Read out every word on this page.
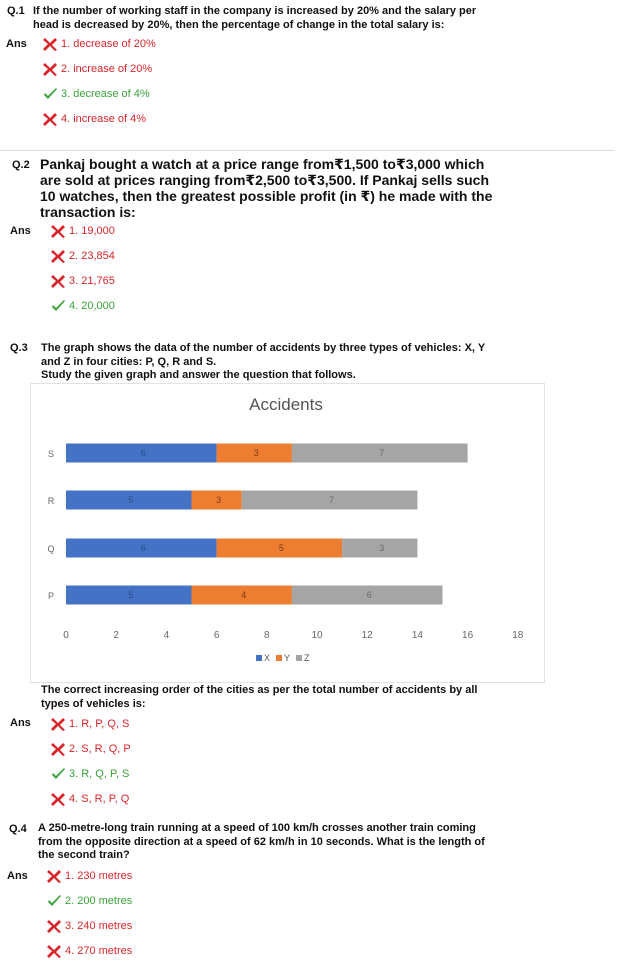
Q.1 If the number of working staff in the company is increased by 20% and the salary per
head is decreased by 20%, then the percentage of change in the total salary is:
Ans	1. decrease of 20%
2. increase of 20%
3. decrease of 4%
4. increase of 4%
Q.2 Pankaj bought a watch at a price range from₹1,500 to₹3,000 which
are sold at prices ranging from₹2,500 to₹3,500. If Pankaj sells such
10 watches, then the greatest possible profit (in ₹) he made with the
transaction is:
Ans	1. 19,000
2. 23,854
3. 21,765
4. 20,000
Q.3 The graph shows the data of the number of accidents by three types of vehicles: X, Y
and Z in four cities: P, Q, R and S.
Study the given graph and answer the question that follows.
Accidents
S	6	3	7
R	5	3	7
Q	6	5	3
P	5	4	6
0	2	4	6	8	10	12	14	16	18
X Y Z
The correct increasing order of the cities as per the total number of accidents by all
types of vehicles is:
Ans	1. R, P, Q, S
2. S, R, Q, P
3. R, Q, P, S
4. S, R, P, Q
Q.4 A 250-metre-long train running at a speed of 100 km/h crosses another train coming
from the opposite direction at a speed of 62 km/h in 10 seconds. What is the length of
the second train?
Ans	1. 230 metres
2. 200 metres
3. 240 metres
4. 270 metres
